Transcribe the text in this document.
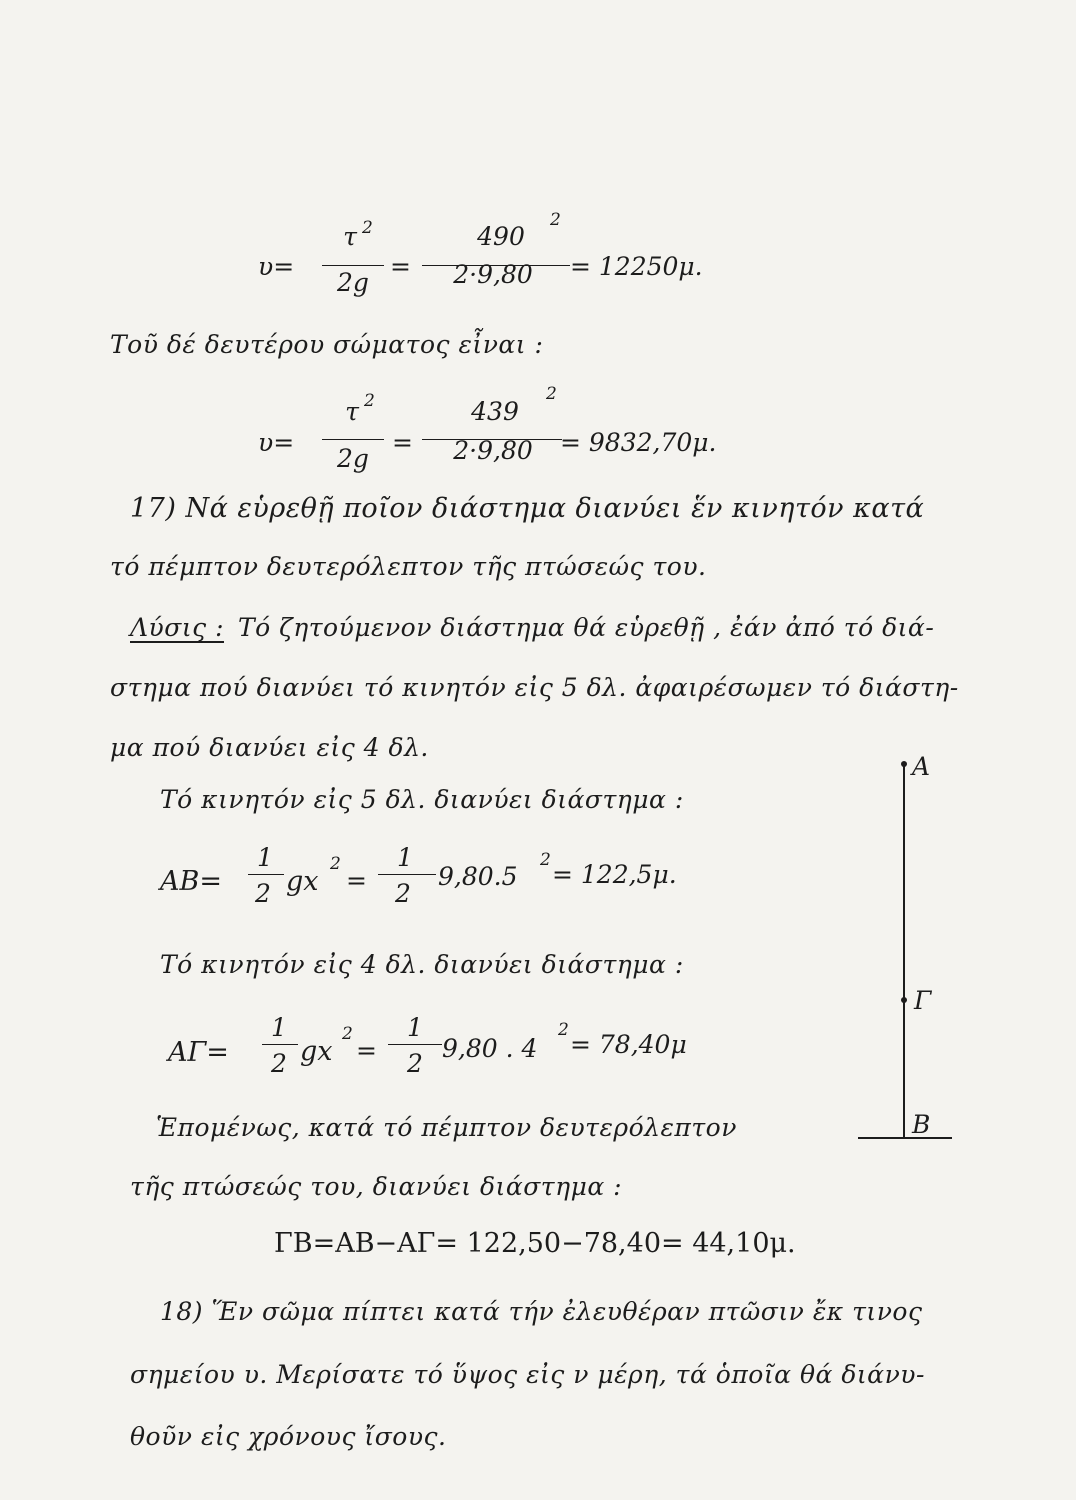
υ=
τ 2
2g
=
490
2
2·9,80	= 12250μ.
Τοῦ δέ δευτέρου σώματος εἶναι :
υ=
τ 2
2g
=
439
2
2·9,80	= 9832,70μ.
17) Νά εὑρεθῇ ποῖον διάστημα διανύει ἕν κινητόν κατά
τό πέμπτον δευτερόλεπτον τῆς πτώσεώς του.
Λύσις : Τό ζητούμενον διάστημα θά εὑρεθῇ , ἐάν ἀπό τό διά-
στημα πού διανύει τό κινητόν εἰς 5 δλ. ἀφαιρέσωμεν τό διάστη-
μα πού διανύει εἰς 4 δλ.
Τό κινητόν εἰς 5 δλ. διανύει διάστημα :
AB=
1
2 gx
2
=
1
2
9,80.5
2 = 122,5μ.
Τό κινητόν εἰς 4 δλ. διανύει διάστημα :
ΑΓ=
1
2 gx
2
=
1
2
9,80 . 4
2 = 78,40μ
Ἑπομένως, κατά τό πέμπτον δευτερόλεπτον
τῆς πτώσεώς του, διανύει διάστημα :
ΓΒ=ΑΒ−ΑΓ= 122,50−78,40= 44,10μ.
18) Ἕν σῶμα πίπτει κατά τήν ἐλευθέραν πτῶσιν ἔκ τινος
σημείου υ. Μερίσατε τό ὕψος εἰς ν μέρη, τά ὁποῖα θά διάνυ-
θοῦν εἰς χρόνους ἴσους.
Α
Γ
Β
